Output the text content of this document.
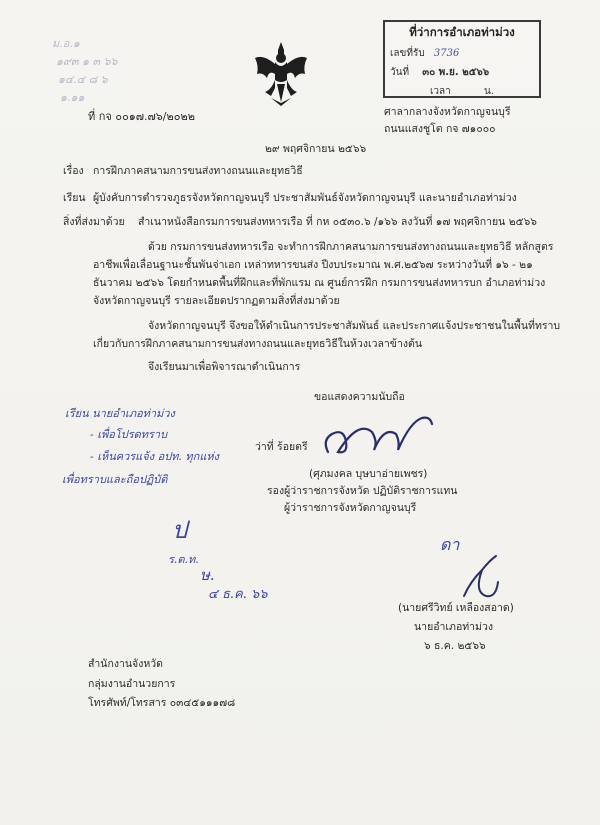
ม.อ.๑
๑๙๓ ๑ ๓ ๖๖
๑๔.๔ ๘ ๖
๑.๑๑
ที่ว่าการอำเภอท่าม่วง
เลขที่รับ 3736
วันที่ ๓๐ พ.ย. ๒๕๖๖
เวลา	น.
ที่ กจ ๐๐๑๗.๗๖/๒๐๒๒	ศาลากลางจังหวัดกาญจนบุรี
ถนนแสงชูโต กจ ๗๑๐๐๐
๒๙ พฤศจิกายน ๒๕๖๖
เรื่อง การฝึกภาคสนามการขนส่งทางถนนและยุทธวิธี
เรียน ผู้บังคับการตำรวจภูธรจังหวัดกาญจนบุรี ประชาสัมพันธ์จังหวัดกาญจนบุรี และนายอำเภอท่าม่วง
สิ่งที่ส่งมาด้วย สำเนาหนังสือกรมการขนส่งทหารเรือ ที่ กห ๐๕๓๐.๖ /๑๖๖ ลงวันที่ ๑๗ พฤศจิกายน ๒๕๖๖
ด้วย กรมการขนส่งทหารเรือ จะทำการฝึกภาคสนามการขนส่งทางถนนและยุทธวิธี หลักสูตร
อาชีพเพื่อเลื่อนฐานะชั้นพันจ่าเอก เหล่าทหารขนส่ง ปีงบประมาณ พ.ศ.๒๕๖๗ ระหว่างวันที่ ๑๖ - ๒๑
ธันวาคม ๒๕๖๖ โดยกำหนดพื้นที่ฝึกและที่พักแรม ณ ศูนย์การฝึก กรมการขนส่งทหารบก อำเภอท่าม่วง
จังหวัดกาญจนบุรี รายละเอียดปรากฏตามสิ่งที่ส่งมาด้วย
จังหวัดกาญจนบุรี จึงขอให้ดำเนินการประชาสัมพันธ์ และประกาศแจ้งประชาชนในพื้นที่ทราบ
เกี่ยวกับการฝึกภาคสนามการขนส่งทางถนนและยุทธวิธีในห้วงเวลาข้างต้น
จึงเรียนมาเพื่อพิจารณาดำเนินการ
ขอแสดงความนับถือ
เรียน นายอำเภอท่าม่วง
- เพื่อโปรดทราบ
- เห็นควรแจ้ง อปท. ทุกแห่ง
เพื่อทราบและถือปฏิบัติ
ว่าที่ ร้อยตรี
(ศุภมงคล บุษบาอ่ายเพชร)
รองผู้ว่าราชการจังหวัด ปฏิบัติราชการแทน
ผู้ว่าราชการจังหวัดกาญจนบุรี
ป
ร.ต.ท.
ษ.
๔ ธ.ค. ๖๖
ดา
(นายศรีวิทย์ เหลืองสอาด)
นายอำเภอท่าม่วง
๖ ธ.ค. ๒๕๖๖
สำนักงานจังหวัด
กลุ่มงานอำนวยการ
โทรศัพท์/โทรสาร ๐๓๔๕๑๑๑๗๘
